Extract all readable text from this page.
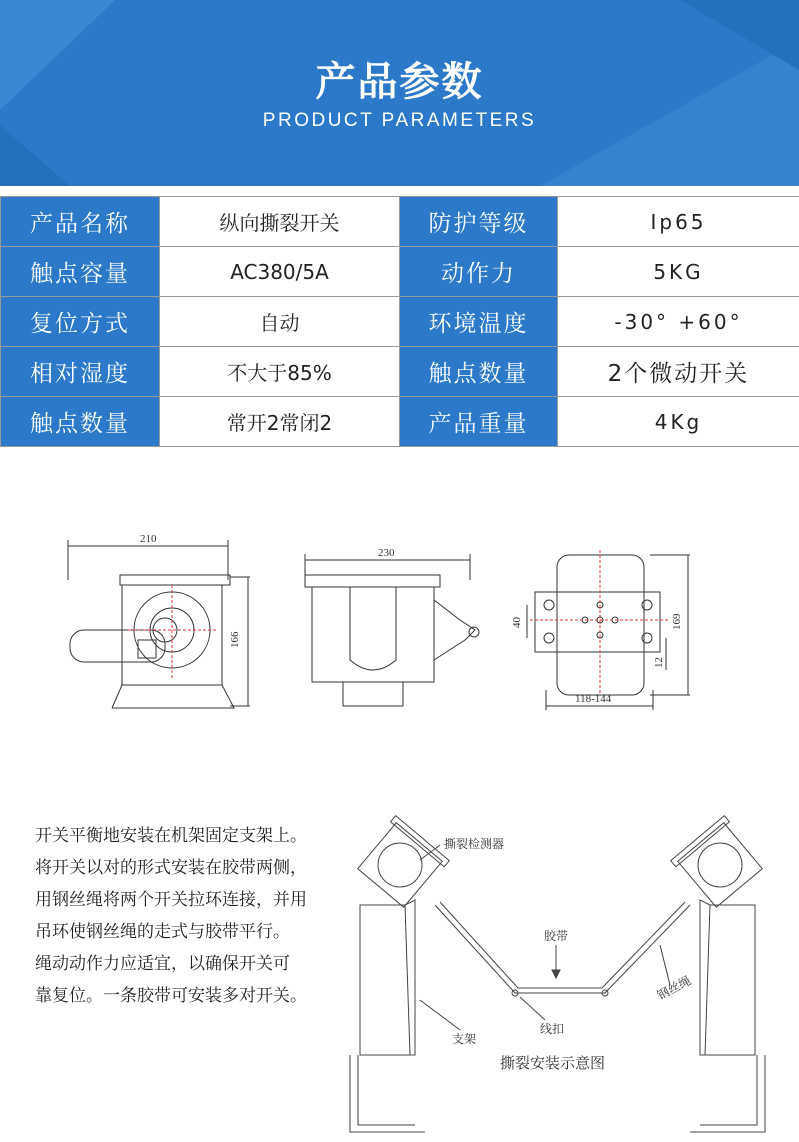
产品参数
PRODUCT PARAMETERS
产品名称	纵向撕裂开关	防护等级	Ip65
触点容量	AC380/5A	动作力	5KG
复位方式	自动	环境温度	-30° +60°
相对湿度	不大于85%	触点数量	2个微动开关
触点数量	常开2常闭2	产品重量	4Kg
210
166
230
169
40
12
118-144
开关平衡地安装在机架固定支架上。
将开关以对的形式安装在胶带两侧，
用钢丝绳将两个开关拉环连接，并用
吊环使钢丝绳的走式与胶带平行。
绳动动作力应适宜，以确保开关可
靠复位。一条胶带可安装多对开关。
撕裂检测器
胶带
钢丝绳
支架
线扣
撕裂安装示意图
